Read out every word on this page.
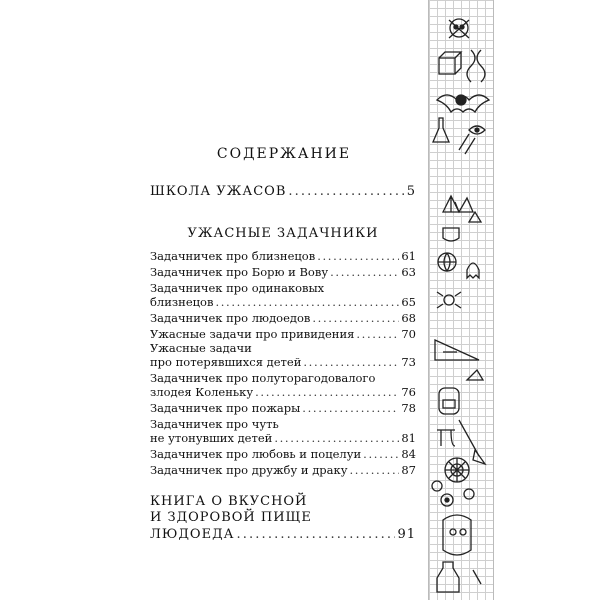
СОДЕРЖАНИЕ
ШКОЛА УЖАСОВ . . .	5
УЖАСНЫЕ ЗАДАЧНИКИ
Задачничек про близнецов . . .	61
Задачничек про Борю и Вову . . .	63
Задачничек про одинаковых
близнецов . . .	65
Задачничек про людоедов . . .	68
Ужасные задачи про привидения . . .	70
Ужасные задачи
про потерявшихся детей . . .	73
Задачничек про полуторагодовалого
злодея Коленьку . . .	76
Задачничек про пожары . . .	78
Задачничек про чуть
не утонувших детей . . .	81
Задачничек про любовь и поцелуи . . .	84
Задачничек про дружбу и драку . . .	87
КНИГА О ВКУСНОЙ
И ЗДОРОВОЙ ПИЩЕ
ЛЮДОЕДА . . .	91
